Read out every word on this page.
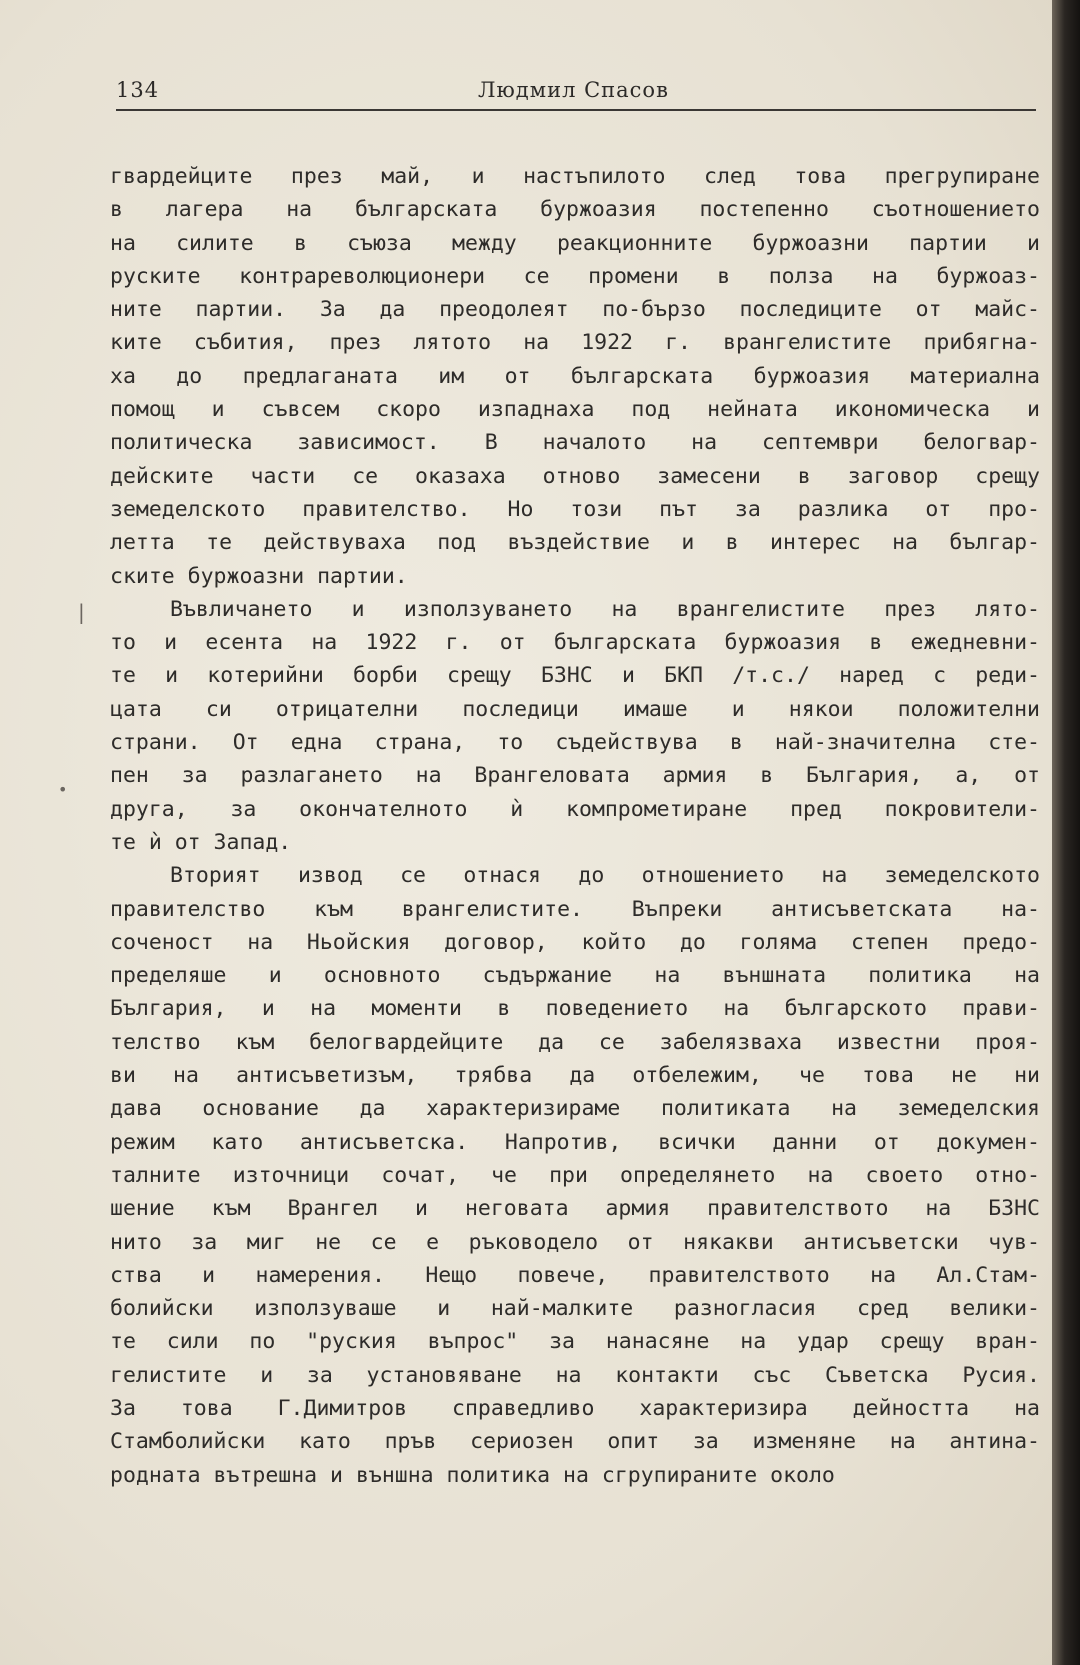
134	Людмил Спасов
|
•
гвардейците през май, и настъпилото след това прегрупиране
в лагера на българската буржоазия постепенно съотношението
на силите в съюза между реакционните буржоазни партии и
руските контрареволюционери се промени в полза на буржоаз-
ните партии. За да преодолеят по-бързо последиците от майс-
ките събития, през лятото на 1922 г. врангелистите прибягна-
ха до предлаганата им от българската буржоазия материална
помощ и съвсем скоро изпаднаха под нейната икономическа и
политическа зависимост. В началото на септември белогвар-
дейските части се оказаха отново замесени в заговор срещу
земеделското правителство. Но този път за разлика от про-
летта те действуваха под въздействие и в интерес на българ-
ските буржоазни партии.
Въвличането и използуването на врангелистите през лято-
то и есента на 1922 г. от българската буржоазия в ежедневни-
те и котерийни борби срещу БЗНС и БКП /т.с./ наред с реди-
цата си отрицателни последици имаше и някои положителни
страни. От една страна, то съдействува в най-значителна сте-
пен за разлагането на Врангеловата армия в България, а, от
друга, за окончателното ѝ компрометиране пред покровители-
те ѝ от Запад.
Вторият извод се отнася до отношението на земеделското
правителство към врангелистите. Въпреки антисъветската на-
соченост на Ньойския договор, който до голяма степен предо-
пределяше и основното съдържание на външната политика на
България, и на моменти в поведението на българското прави-
телство към белогвардейците да се забелязваха известни проя-
ви на антисъветизъм, трябва да отбележим, че това не ни
дава основание да характеризираме политиката на земеделския
режим като антисъветска. Напротив, всички данни от докумен-
талните източници сочат, че при определянето на своето отно-
шение към Врангел и неговата армия правителството на БЗНС
нито за миг не се е ръководело от някакви антисъветски чув-
ства и намерения. Нещо повече, правителството на Ал.Стам-
болийски използуваше и най-малките разногласия сред велики-
те сили по "руския въпрос" за нанасяне на удар срещу вран-
гелистите и за установяване на контакти със Съветска Русия.
За това Г.Димитров справедливо характеризира дейността на
Стамболийски като пръв сериозен опит за изменяне на антина-
родната вътрешна и външна политика на сгрупираните около
